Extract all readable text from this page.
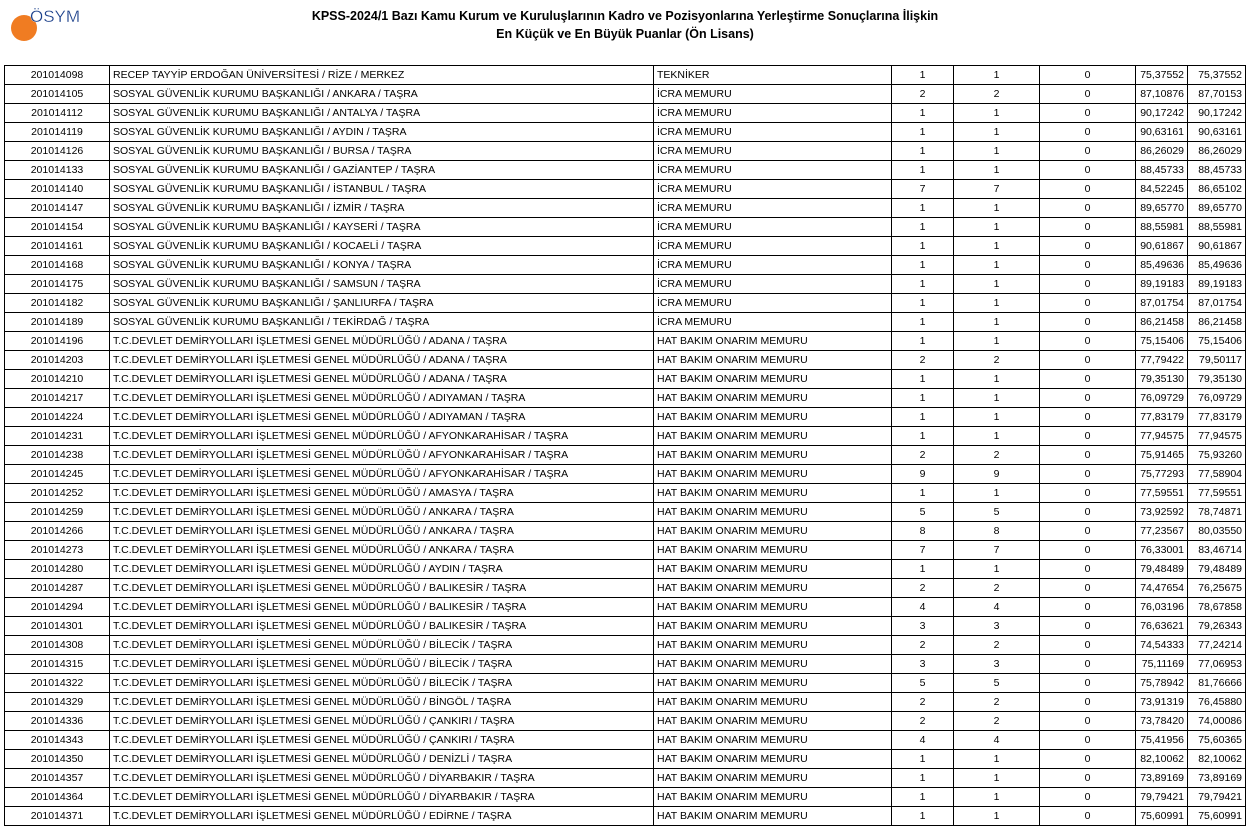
ÖSYM	KPSS-2024/1 Bazı Kamu Kurum ve Kuruluşlarının Kadro ve Pozisyonlarına Yerleştirme Sonuçlarına İlişkin
En Küçük ve En Büyük Puanlar (Ön Lisans)
201014098	RECEP TAYYİP ERDOĞAN ÜNİVERSİTESİ / RİZE / MERKEZ	TEKNİKER	1	1	0	75,37552	75,37552
201014105	SOSYAL GÜVENLİK KURUMU BAŞKANLIĞI / ANKARA / TAŞRA	İCRA MEMURU	2	2	0	87,10876	87,70153
201014112	SOSYAL GÜVENLİK KURUMU BAŞKANLIĞI / ANTALYA / TAŞRA	İCRA MEMURU	1	1	0	90,17242	90,17242
201014119	SOSYAL GÜVENLİK KURUMU BAŞKANLIĞI / AYDIN / TAŞRA	İCRA MEMURU	1	1	0	90,63161	90,63161
201014126	SOSYAL GÜVENLİK KURUMU BAŞKANLIĞI / BURSA / TAŞRA	İCRA MEMURU	1	1	0	86,26029	86,26029
201014133	SOSYAL GÜVENLİK KURUMU BAŞKANLIĞI / GAZİANTEP / TAŞRA	İCRA MEMURU	1	1	0	88,45733	88,45733
201014140	SOSYAL GÜVENLİK KURUMU BAŞKANLIĞI / İSTANBUL / TAŞRA	İCRA MEMURU	7	7	0	84,52245	86,65102
201014147	SOSYAL GÜVENLİK KURUMU BAŞKANLIĞI / İZMİR / TAŞRA	İCRA MEMURU	1	1	0	89,65770	89,65770
201014154	SOSYAL GÜVENLİK KURUMU BAŞKANLIĞI / KAYSERİ / TAŞRA	İCRA MEMURU	1	1	0	88,55981	88,55981
201014161	SOSYAL GÜVENLİK KURUMU BAŞKANLIĞI / KOCAELİ / TAŞRA	İCRA MEMURU	1	1	0	90,61867	90,61867
201014168	SOSYAL GÜVENLİK KURUMU BAŞKANLIĞI / KONYA / TAŞRA	İCRA MEMURU	1	1	0	85,49636	85,49636
201014175	SOSYAL GÜVENLİK KURUMU BAŞKANLIĞI / SAMSUN / TAŞRA	İCRA MEMURU	1	1	0	89,19183	89,19183
201014182	SOSYAL GÜVENLİK KURUMU BAŞKANLIĞI / ŞANLIURFA / TAŞRA	İCRA MEMURU	1	1	0	87,01754	87,01754
201014189	SOSYAL GÜVENLİK KURUMU BAŞKANLIĞI / TEKİRDAĞ / TAŞRA	İCRA MEMURU	1	1	0	86,21458	86,21458
201014196	T.C.DEVLET DEMİRYOLLARI İŞLETMESİ GENEL MÜDÜRLÜĞÜ / ADANA / TAŞRA	HAT BAKIM ONARIM MEMURU	1	1	0	75,15406	75,15406
201014203	T.C.DEVLET DEMİRYOLLARI İŞLETMESİ GENEL MÜDÜRLÜĞÜ / ADANA / TAŞRA	HAT BAKIM ONARIM MEMURU	2	2	0	77,79422	79,50117
201014210	T.C.DEVLET DEMİRYOLLARI İŞLETMESİ GENEL MÜDÜRLÜĞÜ / ADANA / TAŞRA	HAT BAKIM ONARIM MEMURU	1	1	0	79,35130	79,35130
201014217	T.C.DEVLET DEMİRYOLLARI İŞLETMESİ GENEL MÜDÜRLÜĞÜ / ADIYAMAN / TAŞRA	HAT BAKIM ONARIM MEMURU	1	1	0	76,09729	76,09729
201014224	T.C.DEVLET DEMİRYOLLARI İŞLETMESİ GENEL MÜDÜRLÜĞÜ / ADIYAMAN / TAŞRA	HAT BAKIM ONARIM MEMURU	1	1	0	77,83179	77,83179
201014231	T.C.DEVLET DEMİRYOLLARI İŞLETMESİ GENEL MÜDÜRLÜĞÜ / AFYONKARAHİSAR / TAŞRA	HAT BAKIM ONARIM MEMURU	1	1	0	77,94575	77,94575
201014238	T.C.DEVLET DEMİRYOLLARI İŞLETMESİ GENEL MÜDÜRLÜĞÜ / AFYONKARAHİSAR / TAŞRA	HAT BAKIM ONARIM MEMURU	2	2	0	75,91465	75,93260
201014245	T.C.DEVLET DEMİRYOLLARI İŞLETMESİ GENEL MÜDÜRLÜĞÜ / AFYONKARAHİSAR / TAŞRA	HAT BAKIM ONARIM MEMURU	9	9	0	75,77293	77,58904
201014252	T.C.DEVLET DEMİRYOLLARI İŞLETMESİ GENEL MÜDÜRLÜĞÜ / AMASYA / TAŞRA	HAT BAKIM ONARIM MEMURU	1	1	0	77,59551	77,59551
201014259	T.C.DEVLET DEMİRYOLLARI İŞLETMESİ GENEL MÜDÜRLÜĞÜ / ANKARA / TAŞRA	HAT BAKIM ONARIM MEMURU	5	5	0	73,92592	78,74871
201014266	T.C.DEVLET DEMİRYOLLARI İŞLETMESİ GENEL MÜDÜRLÜĞÜ / ANKARA / TAŞRA	HAT BAKIM ONARIM MEMURU	8	8	0	77,23567	80,03550
201014273	T.C.DEVLET DEMİRYOLLARI İŞLETMESİ GENEL MÜDÜRLÜĞÜ / ANKARA / TAŞRA	HAT BAKIM ONARIM MEMURU	7	7	0	76,33001	83,46714
201014280	T.C.DEVLET DEMİRYOLLARI İŞLETMESİ GENEL MÜDÜRLÜĞÜ / AYDIN / TAŞRA	HAT BAKIM ONARIM MEMURU	1	1	0	79,48489	79,48489
201014287	T.C.DEVLET DEMİRYOLLARI İŞLETMESİ GENEL MÜDÜRLÜĞÜ / BALIKESİR / TAŞRA	HAT BAKIM ONARIM MEMURU	2	2	0	74,47654	76,25675
201014294	T.C.DEVLET DEMİRYOLLARI İŞLETMESİ GENEL MÜDÜRLÜĞÜ / BALIKESİR / TAŞRA	HAT BAKIM ONARIM MEMURU	4	4	0	76,03196	78,67858
201014301	T.C.DEVLET DEMİRYOLLARI İŞLETMESİ GENEL MÜDÜRLÜĞÜ / BALIKESİR / TAŞRA	HAT BAKIM ONARIM MEMURU	3	3	0	76,63621	79,26343
201014308	T.C.DEVLET DEMİRYOLLARI İŞLETMESİ GENEL MÜDÜRLÜĞÜ / BİLECİK / TAŞRA	HAT BAKIM ONARIM MEMURU	2	2	0	74,54333	77,24214
201014315	T.C.DEVLET DEMİRYOLLARI İŞLETMESİ GENEL MÜDÜRLÜĞÜ / BİLECİK / TAŞRA	HAT BAKIM ONARIM MEMURU	3	3	0	75,11169	77,06953
201014322	T.C.DEVLET DEMİRYOLLARI İŞLETMESİ GENEL MÜDÜRLÜĞÜ / BİLECİK / TAŞRA	HAT BAKIM ONARIM MEMURU	5	5	0	75,78942	81,76666
201014329	T.C.DEVLET DEMİRYOLLARI İŞLETMESİ GENEL MÜDÜRLÜĞÜ / BİNGÖL / TAŞRA	HAT BAKIM ONARIM MEMURU	2	2	0	73,91319	76,45880
201014336	T.C.DEVLET DEMİRYOLLARI İŞLETMESİ GENEL MÜDÜRLÜĞÜ / ÇANKIRI / TAŞRA	HAT BAKIM ONARIM MEMURU	2	2	0	73,78420	74,00086
201014343	T.C.DEVLET DEMİRYOLLARI İŞLETMESİ GENEL MÜDÜRLÜĞÜ / ÇANKIRI / TAŞRA	HAT BAKIM ONARIM MEMURU	4	4	0	75,41956	75,60365
201014350	T.C.DEVLET DEMİRYOLLARI İŞLETMESİ GENEL MÜDÜRLÜĞÜ / DENİZLİ / TAŞRA	HAT BAKIM ONARIM MEMURU	1	1	0	82,10062	82,10062
201014357	T.C.DEVLET DEMİRYOLLARI İŞLETMESİ GENEL MÜDÜRLÜĞÜ / DİYARBAKIR / TAŞRA	HAT BAKIM ONARIM MEMURU	1	1	0	73,89169	73,89169
201014364	T.C.DEVLET DEMİRYOLLARI İŞLETMESİ GENEL MÜDÜRLÜĞÜ / DİYARBAKIR / TAŞRA	HAT BAKIM ONARIM MEMURU	1	1	0	79,79421	79,79421
201014371	T.C.DEVLET DEMİRYOLLARI İŞLETMESİ GENEL MÜDÜRLÜĞÜ / EDİRNE / TAŞRA	HAT BAKIM ONARIM MEMURU	1	1	0	75,60991	75,60991
